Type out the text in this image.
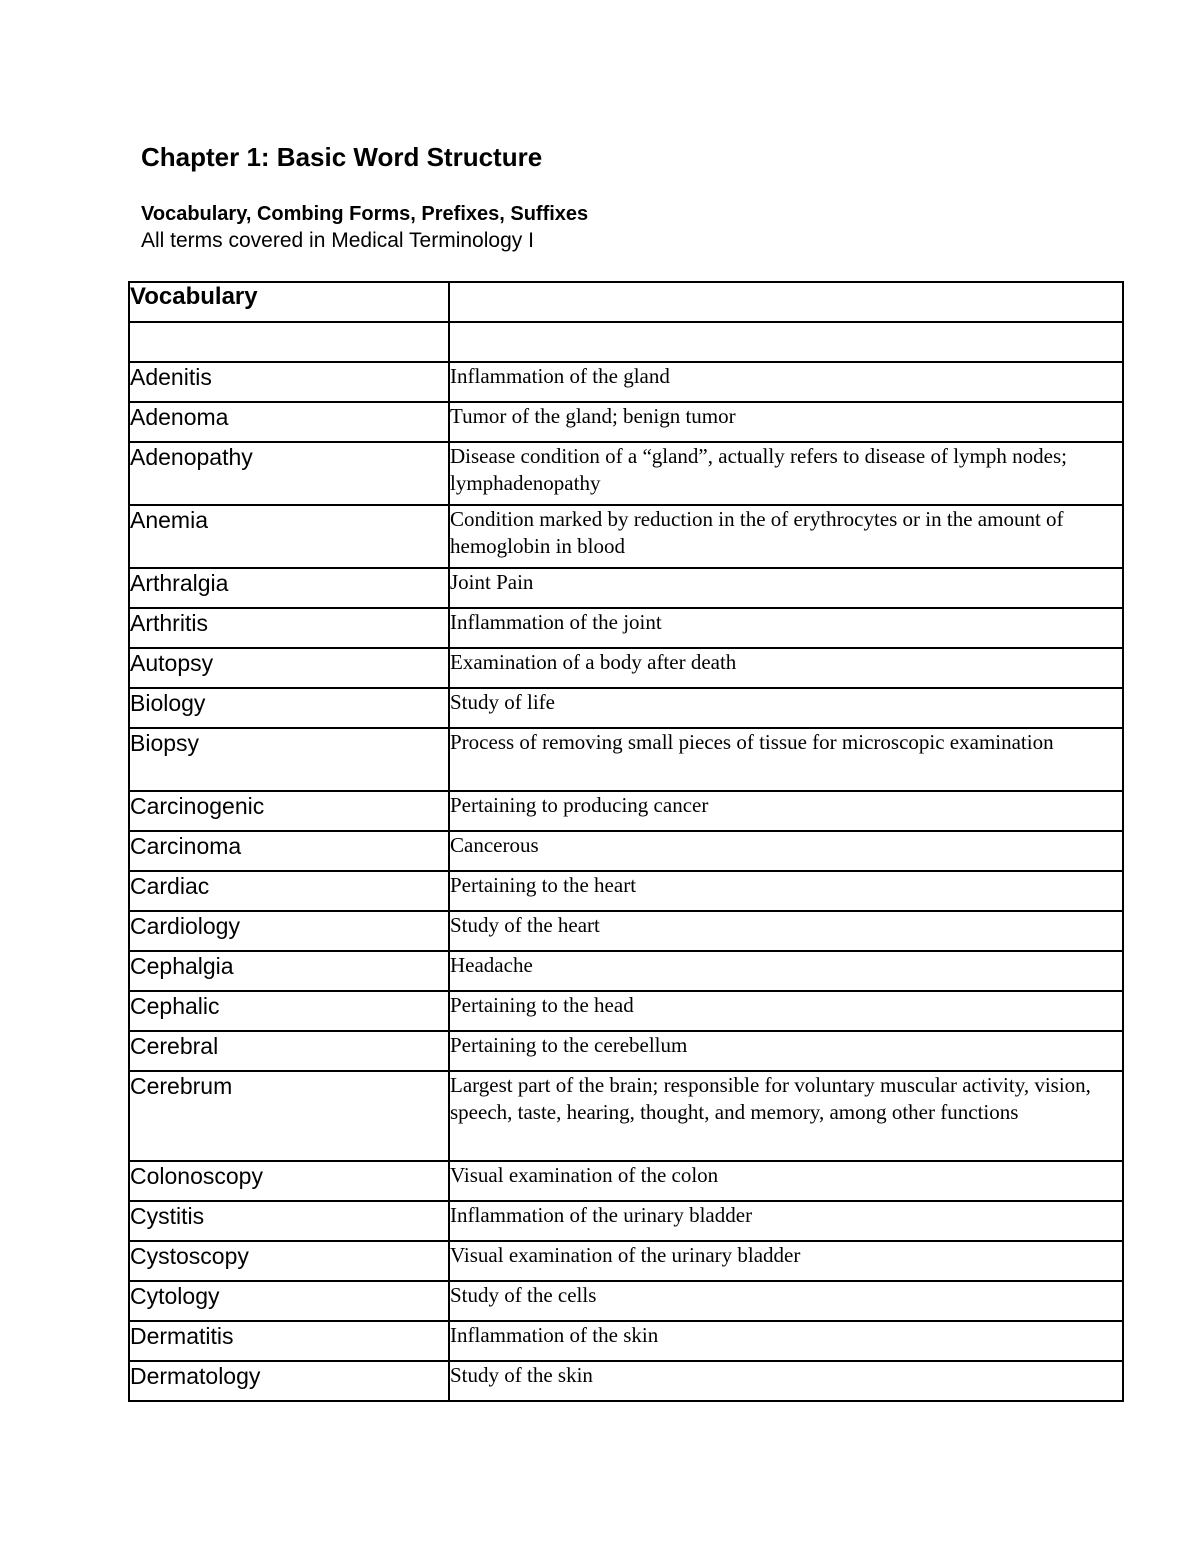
Chapter 1: Basic Word Structure
Vocabulary, Combing Forms, Prefixes, Suffixes
All terms covered in Medical Terminology I
Vocabulary	

Adenitis	Inflammation of the gland
Adenoma	Tumor of the gland; benign tumor
Adenopathy	Disease condition of a “gland”, actually refers to disease of lymph nodes; lymphadenopathy
Anemia	Condition marked by reduction in the of erythrocytes or in the amount of hemoglobin in blood
Arthralgia	Joint Pain
Arthritis	Inflammation of the joint
Autopsy	Examination of a body after death
Biology	Study of life
Biopsy	Process of removing small pieces of tissue for microscopic examination
Carcinogenic	Pertaining to producing cancer
Carcinoma	Cancerous
Cardiac	Pertaining to the heart
Cardiology	Study of the heart
Cephalgia	Headache
Cephalic	Pertaining to the head
Cerebral	Pertaining to the cerebellum
Cerebrum	Largest part of the brain; responsible for voluntary muscular activity, vision, speech, taste, hearing, thought, and memory, among other functions
Colonoscopy	Visual examination of the colon
Cystitis	Inflammation of the urinary bladder
Cystoscopy	Visual examination of the urinary bladder
Cytology	Study of the cells
Dermatitis	Inflammation of the skin
Dermatology	Study of the skin
